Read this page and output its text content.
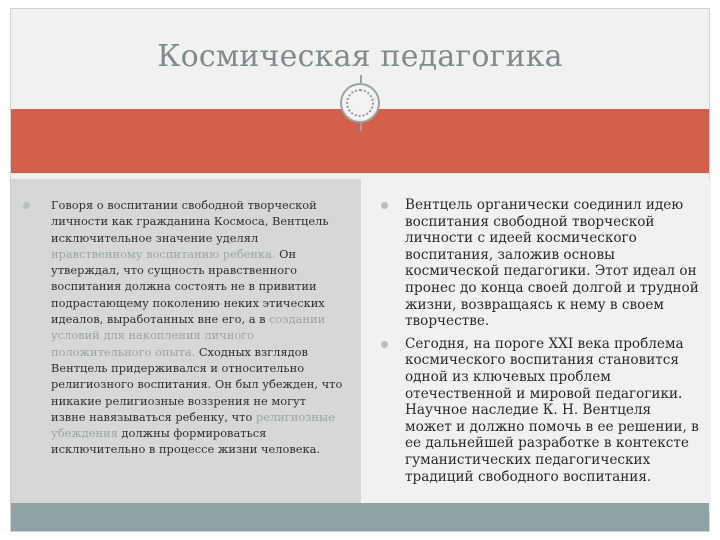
Космическая педагогика
Говоря о воспитании свободной творческой личности как гражданина Космоса, Вентцель исключительное значение уделял нравственному воспитанию ребенка. Он утверждал, что сущность нравственного воспитания должна состоять не в привитии подрастающему поколению неких этических идеалов, выработанных вне его, а в создании условий для накопления личного положительного опыта. Сходных взглядов Вентцель придерживался и относительно религиозного воспитания. Он был убежден, что никакие религиозные воззрения не могут извне навязываться ребенку, что религиозные убеждения должны формироваться исключительно в процессе жизни человека.
Вентцель органически соединил идею воспитания свободной творческой личности с идеей космического воспитания, заложив основы космической педагогики. Этот идеал он пронес до конца своей долгой и трудной жизни, возвращаясь к нему в своем творчестве.
Сегодня, на пороге XXI века проблема космического воспитания становится одной из ключевых проблем отечественной и мировой педагогики. Научное наследие К. Н. Вентцеля может и должно помочь в ее решении, в ее дальнейшей разработке в контексте гуманистических педагогических традиций свободного воспитания.
